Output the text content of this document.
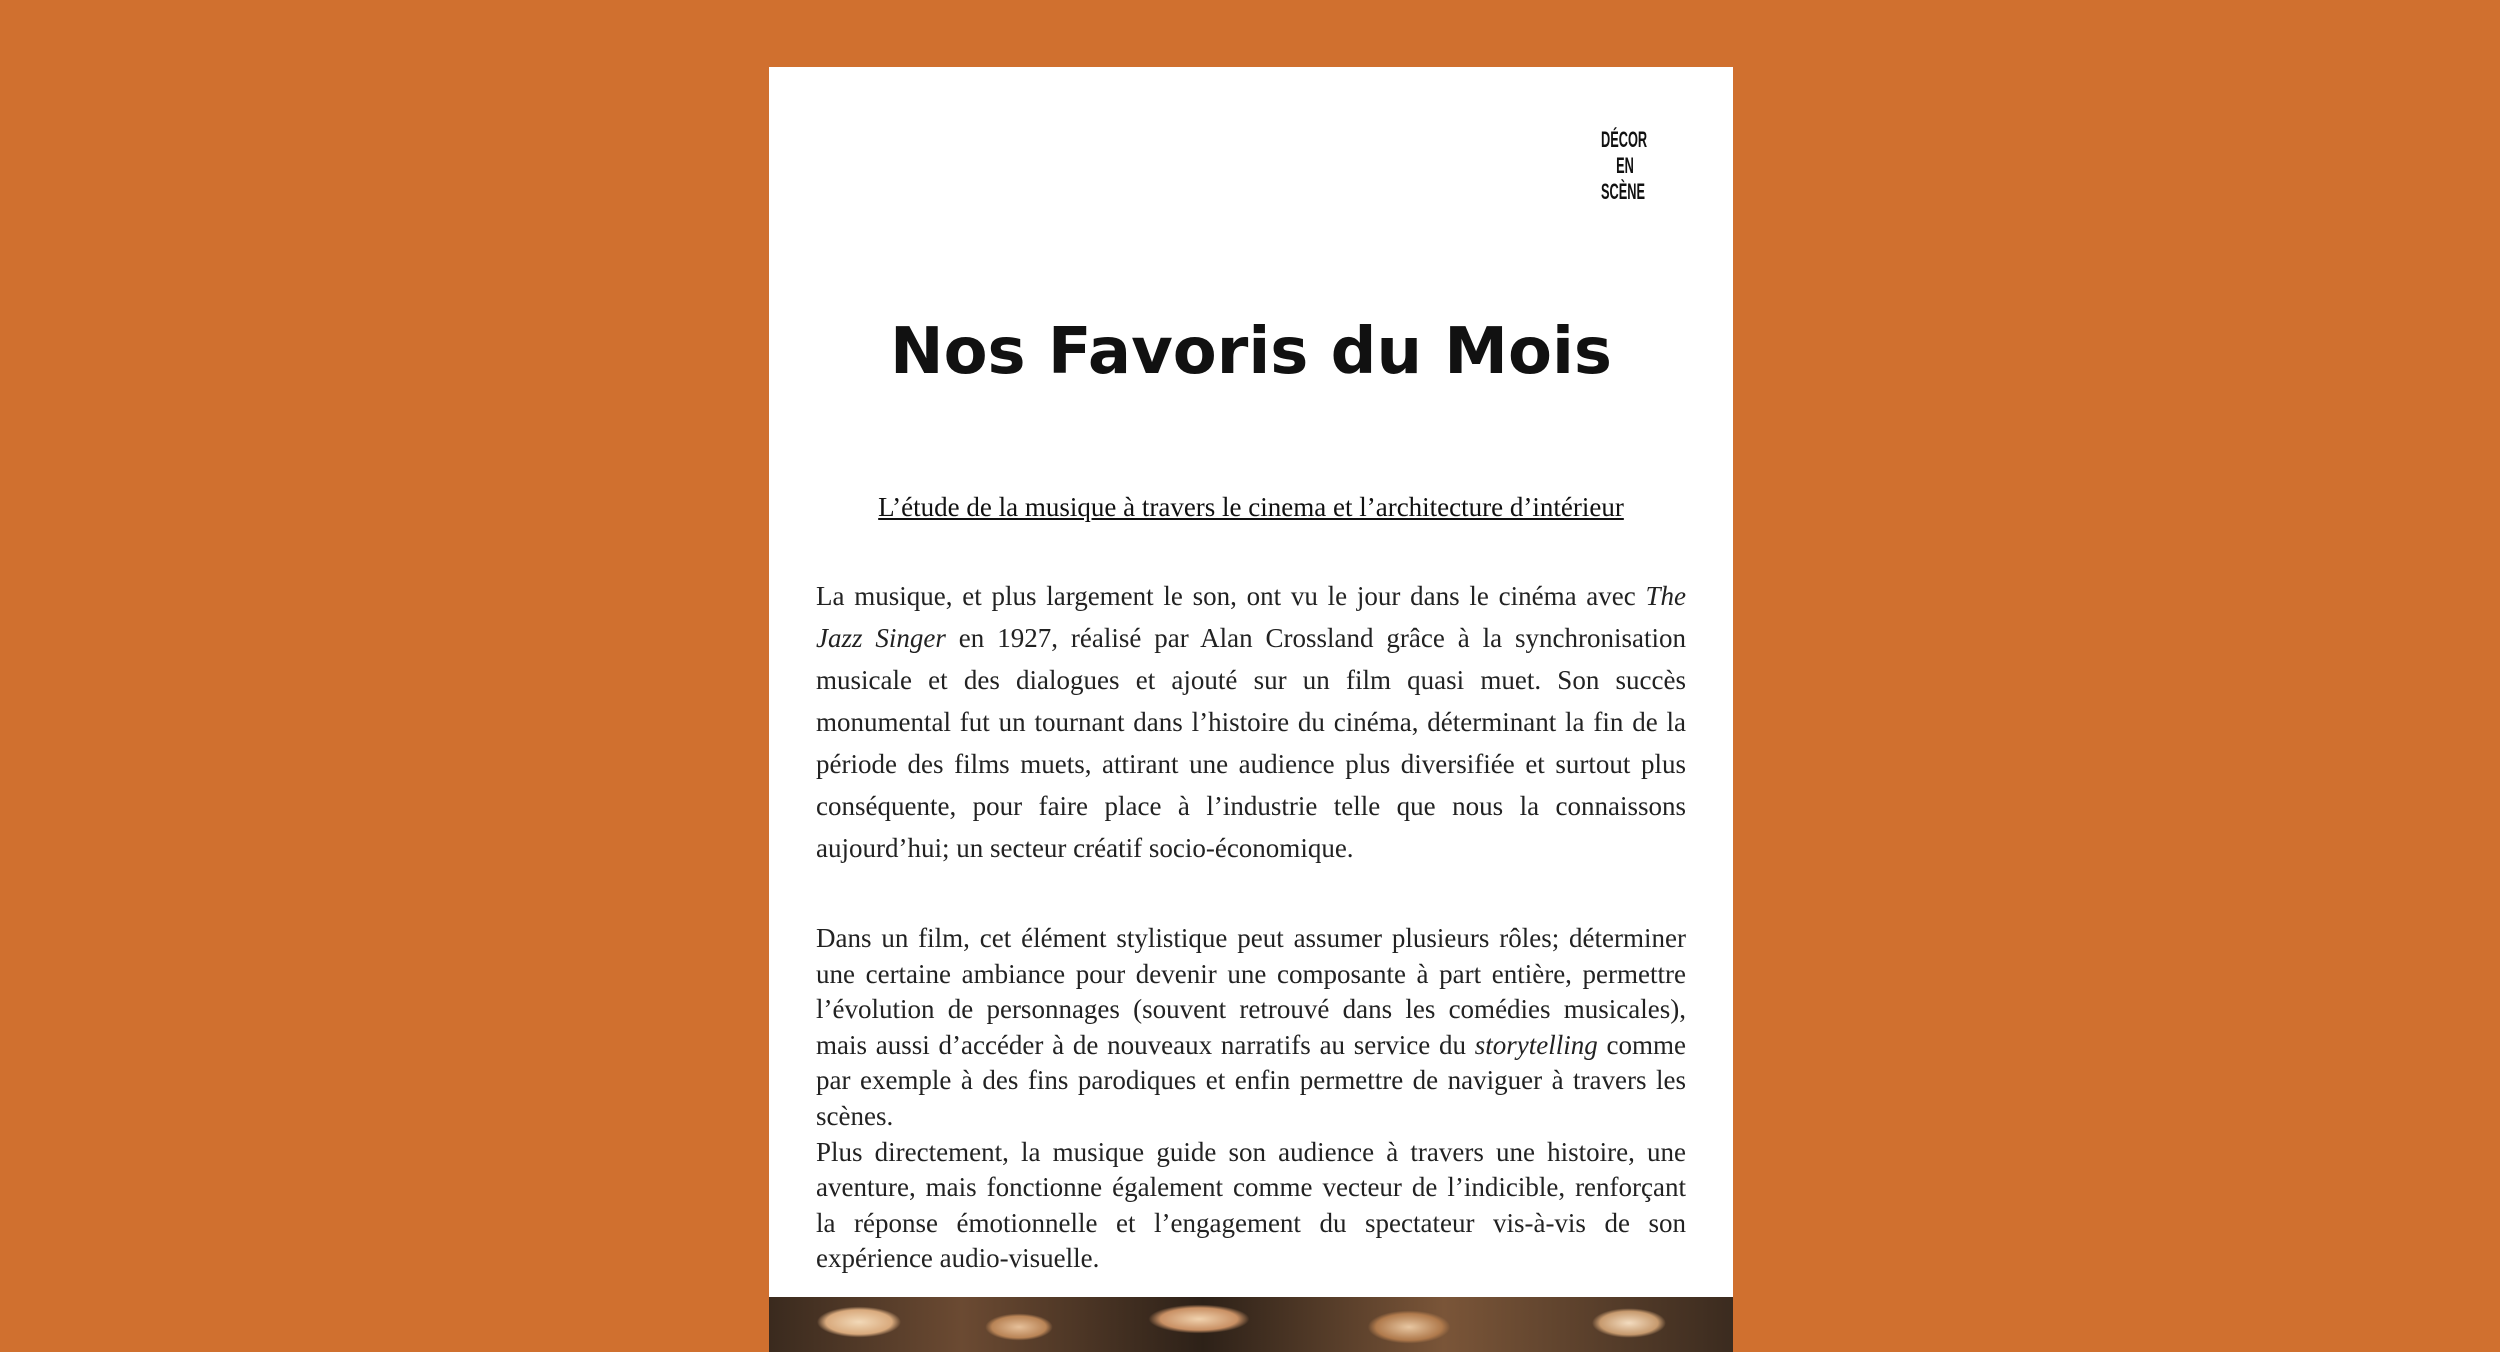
DÉCOR
EN
SCÈNE
Nos Favoris du Mois
L’étude de la musique à travers le cinema et l’architecture d’intérieur

La musique, et plus largement le son, ont vu le jour dans le cinéma avec The Jazz Singer en 1927, réalisé par Alan Crossland grâce à la synchronisation musicale et des dialogues et ajouté sur un film quasi muet. Son succès monumental fut un tournant dans l’histoire du cinéma, déterminant la fin de la période des films muets, attirant une audience plus diversifiée et surtout plus conséquente, pour faire place à l’industrie telle que nous la connaissons aujourd’hui; un secteur créatif socio-économique.

Dans un film, cet élément stylistique peut assumer plusieurs rôles; déterminer une certaine ambiance pour devenir une composante à part entière, permettre l’évolution de personnages (souvent retrouvé dans les comédies musicales), mais aussi d’accéder à de nouveaux narratifs au service du storytelling comme par exemple à des fins parodiques et enfin permettre de naviguer à travers les scènes.
Plus directement, la musique guide son audience à travers une histoire, une aventure, mais fonctionne également comme vecteur de l’indicible, renforçant la réponse émotionnelle et l’engagement du spectateur vis-à-vis de son expérience audio-visuelle.
